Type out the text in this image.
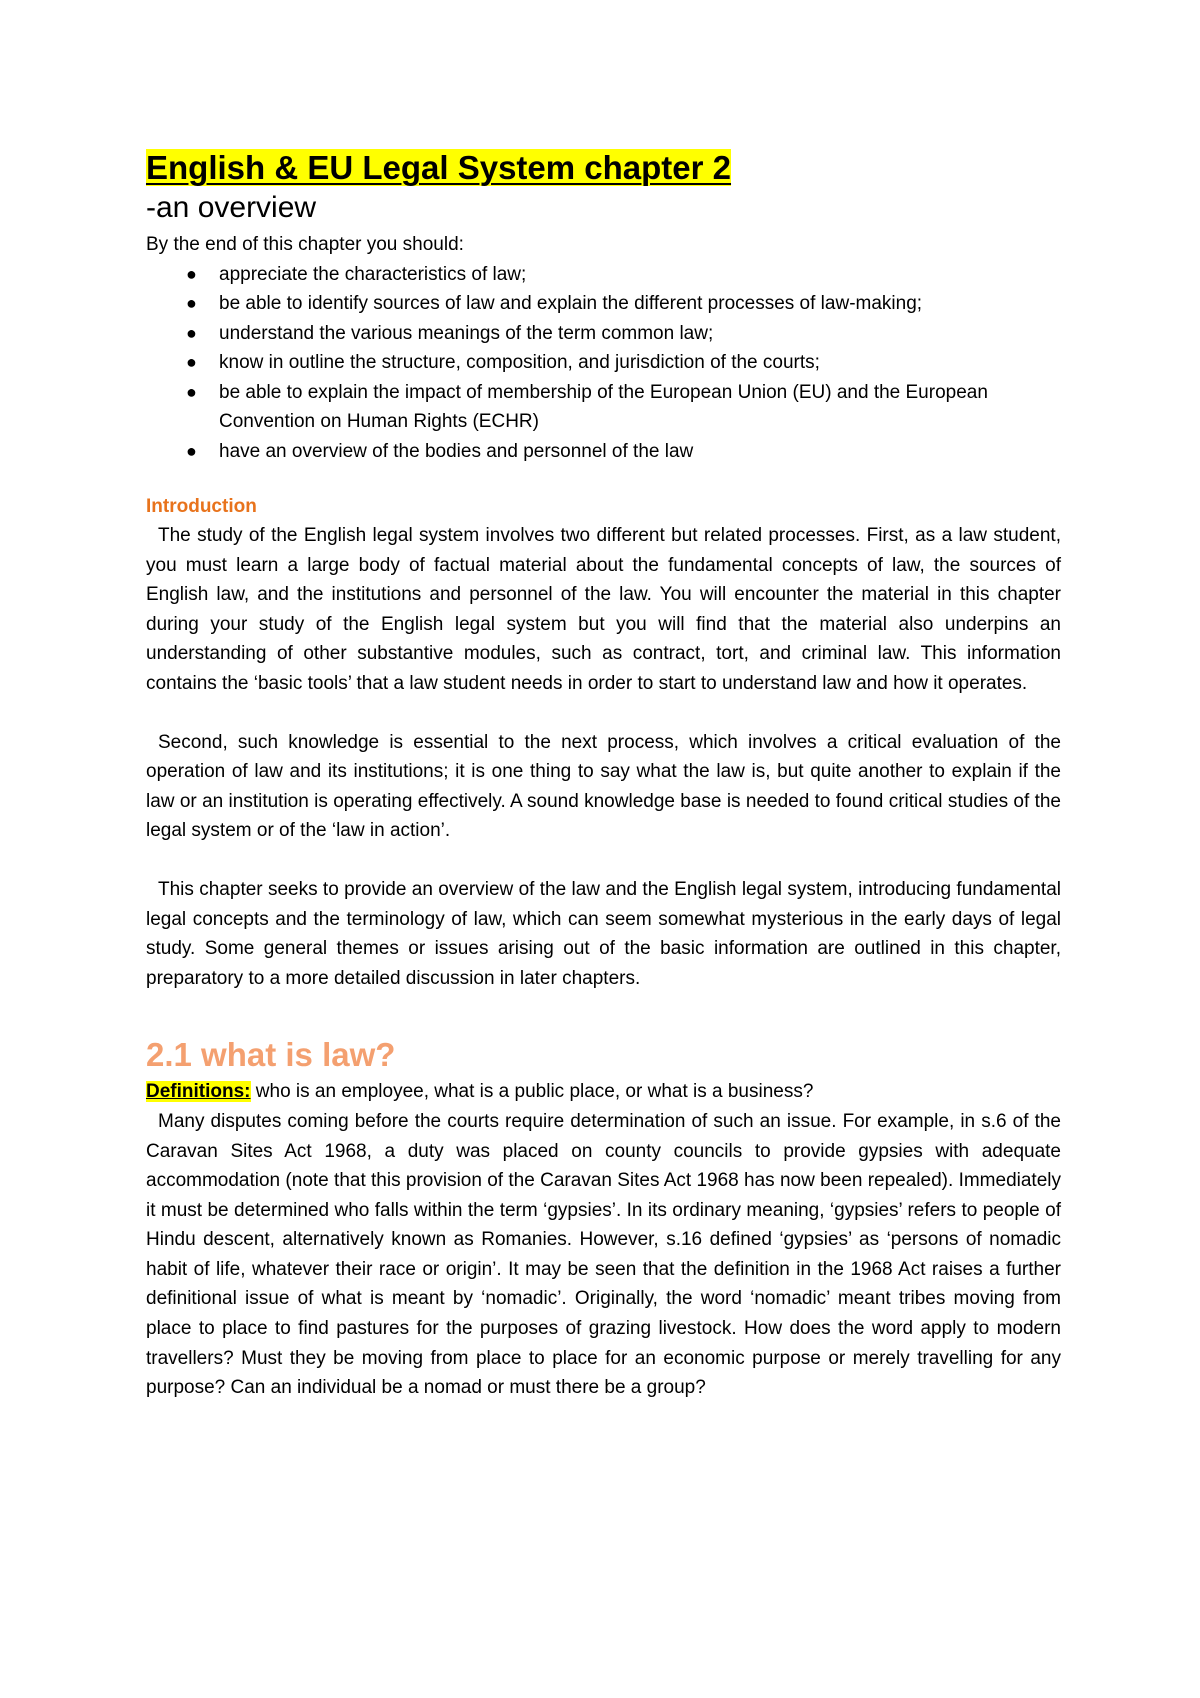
English & EU Legal System chapter 2

-an overview

By the end of this chapter you should:

● appreciate the characteristics of law;
● be able to identify sources of law and explain the different processes of law-making;
● understand the various meanings of the term common law;
● know in outline the structure, composition, and jurisdiction of the courts;
● be able to explain the impact of membership of the European Union (EU) and the European Convention on Human Rights (ECHR)
● have an overview of the bodies and personnel of the law
Introduction

The study of the English legal system involves two different but related processes. First, as a law student, you must learn a large body of factual material about the fundamental concepts of law, the sources of English law, and the institutions and personnel of the law. You will encounter the material in this chapter during your study of the English legal system but you will find that the material also underpins an understanding of other substantive modules, such as contract, tort, and criminal law. This information contains the ‘basic tools’ that a law student needs in order to start to understand law and how it operates.

Second, such knowledge is essential to the next process, which involves a critical evaluation of the operation of law and its institutions; it is one thing to say what the law is, but quite another to explain if the law or an institution is operating effectively. A sound knowledge base is needed to found critical studies of the legal system or of the ‘law in action’.

This chapter seeks to provide an overview of the law and the English legal system, introducing fundamental legal concepts and the terminology of law, which can seem somewhat mysterious in the early days of legal study. Some general themes or issues arising out of the basic information are outlined in this chapter, preparatory to a more detailed discussion in later chapters.

2.1 what is law?

Definitions: who is an employee, what is a public place, or what is a business?

Many disputes coming before the courts require determination of such an issue. For example, in s.6 of the Caravan Sites Act 1968, a duty was placed on county councils to provide gypsies with adequate accommodation (note that this provision of the Caravan Sites Act 1968 has now been repealed). Immediately it must be determined who falls within the term ‘gypsies’. In its ordinary meaning, ‘gypsies’ refers to people of Hindu descent, alternatively known as Romanies. However, s.16 defined ‘gypsies’ as ‘persons of nomadic habit of life, whatever their race or origin’. It may be seen that the definition in the 1968 Act raises a further definitional issue of what is meant by ‘nomadic’. Originally, the word ‘nomadic’ meant tribes moving from place to place to find pastures for the purposes of grazing livestock. How does the word apply to modern travellers? Must they be moving from place to place for an economic purpose or merely travelling for any purpose? Can an individual be a nomad or must there be a group?
